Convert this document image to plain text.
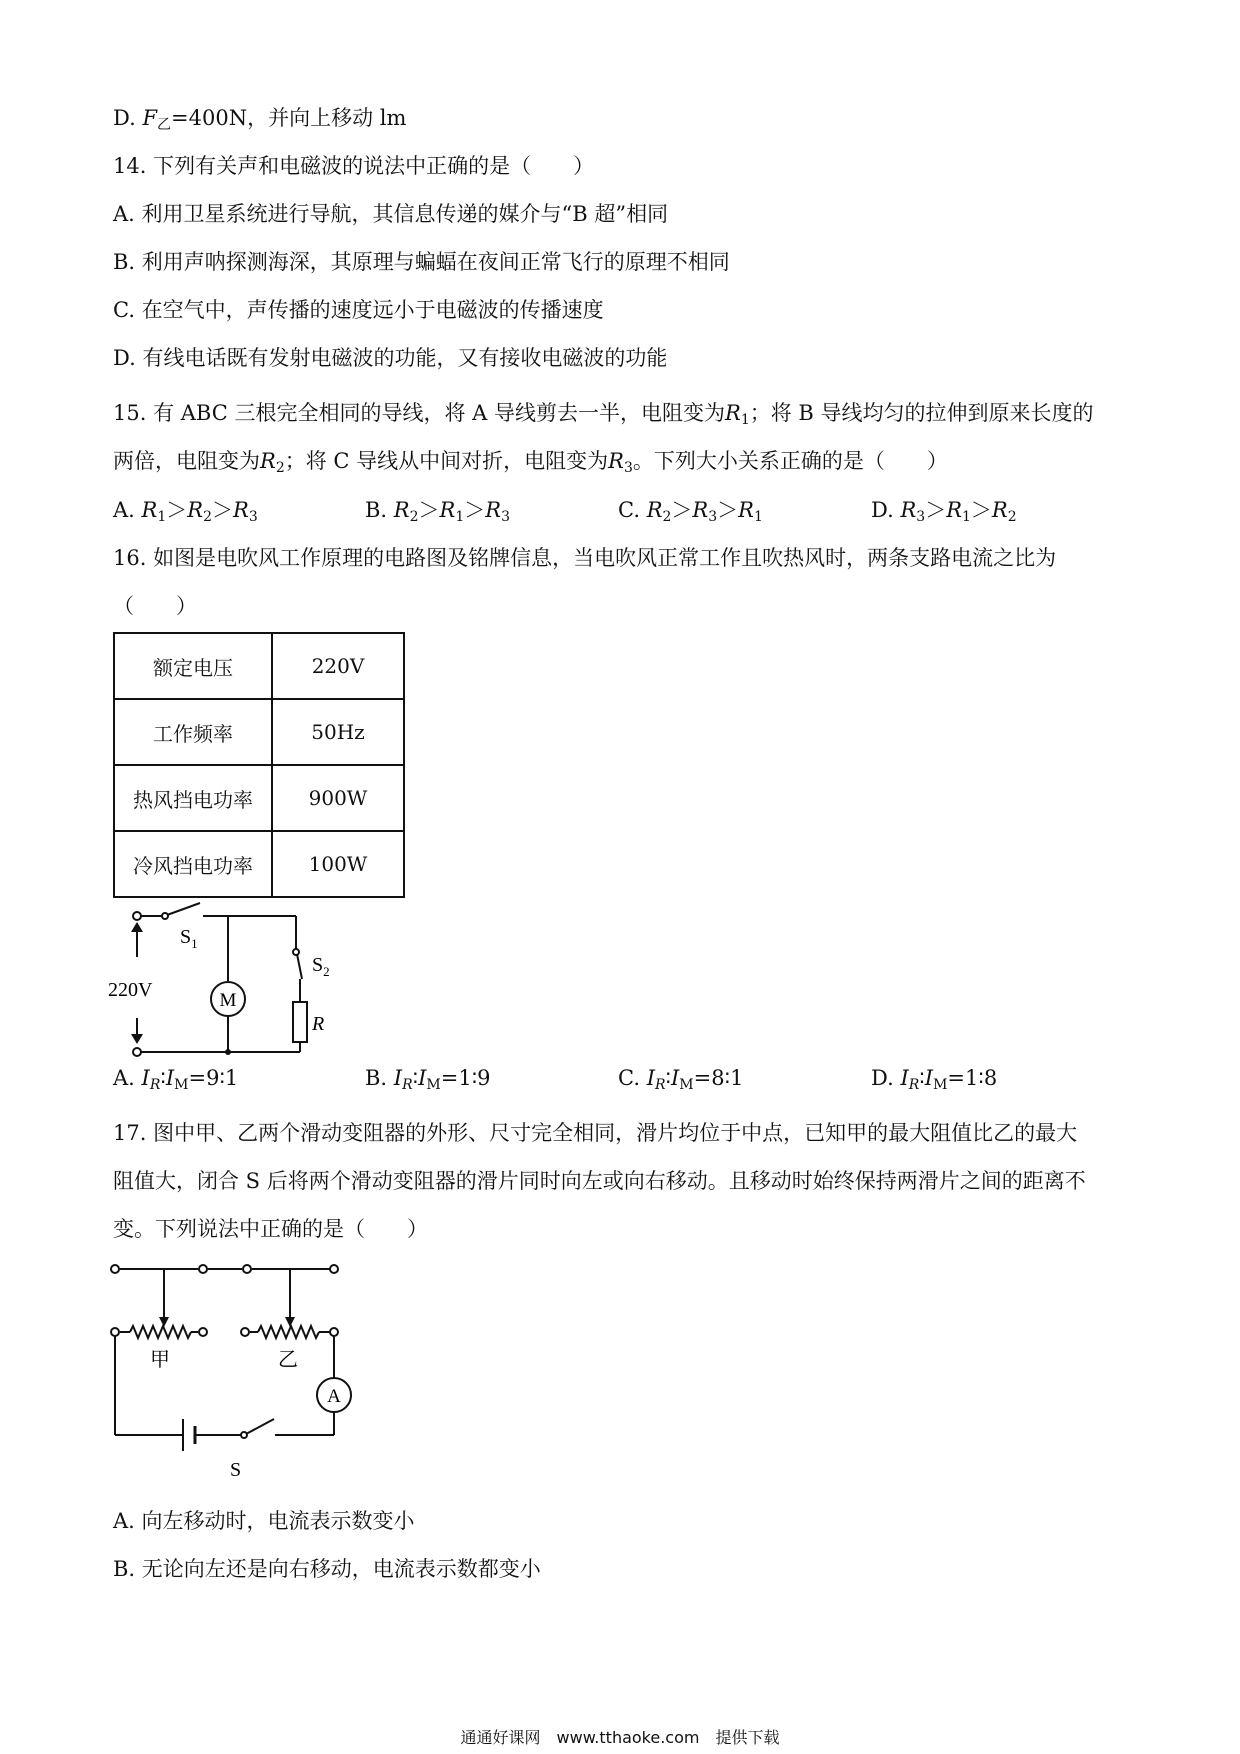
D. $F_乙=400N$，并向上移动 lm
14. 下列有关声和电磁波的说法中正确的是（　　）
A. 利用卫星系统进行导航，其信息传递的媒介与“B 超”相同
B. 利用声呐探测海深，其原理与蝙蝠在夜间正常飞行的原理不相同
C. 在空气中，声传播的速度远小于电磁波的传播速度
D. 有线电话既有发射电磁波的功能，又有接收电磁波的功能
15. 有 ABC 三根完全相同的导线，将 A 导线剪去一半，电阻变为$R_1$；将 B 导线均匀的拉伸到原来长度的
两倍，电阻变为$R_2$；将 C 导线从中间对折，电阻变为$R_3$。下列大小关系正确的是（　　）
A. $R_1>R_2>R_3$	B. $R_2>R_1>R_3$	C. $R_2>R_3>R_1$	D. $R_3>R_1>R_2$
16. 如图是电吹风工作原理的电路图及铭牌信息，当电吹风正常工作且吹热风时，两条支路电流之比为
（　　）
额定电压	220V
工作频率	50Hz
热风挡电功率	900W
冷风挡电功率	100W
$S_1$
$S_2$
220V	M
R
A. $I_R∶I_M=9∶1$	B. $I_R∶I_M=1∶9$	C. $I_R∶I_M=8∶1$	D. $I_R∶I_M=1∶8$
17. 图中甲、乙两个滑动变阻器的外形、尺寸完全相同，滑片均位于中点，已知甲的最大阻值比乙的最大
阻值大，闭合 S 后将两个滑动变阻器的滑片同时向左或向右移动。且移动时始终保持两滑片之间的距离不
变。下列说法中正确的是（　　）
甲	乙
A
S
A. 向左移动时，电流表示数变小
B. 无论向左还是向右移动，电流表示数都变小
通通好课网　www.tthaoke.com　提供下载
